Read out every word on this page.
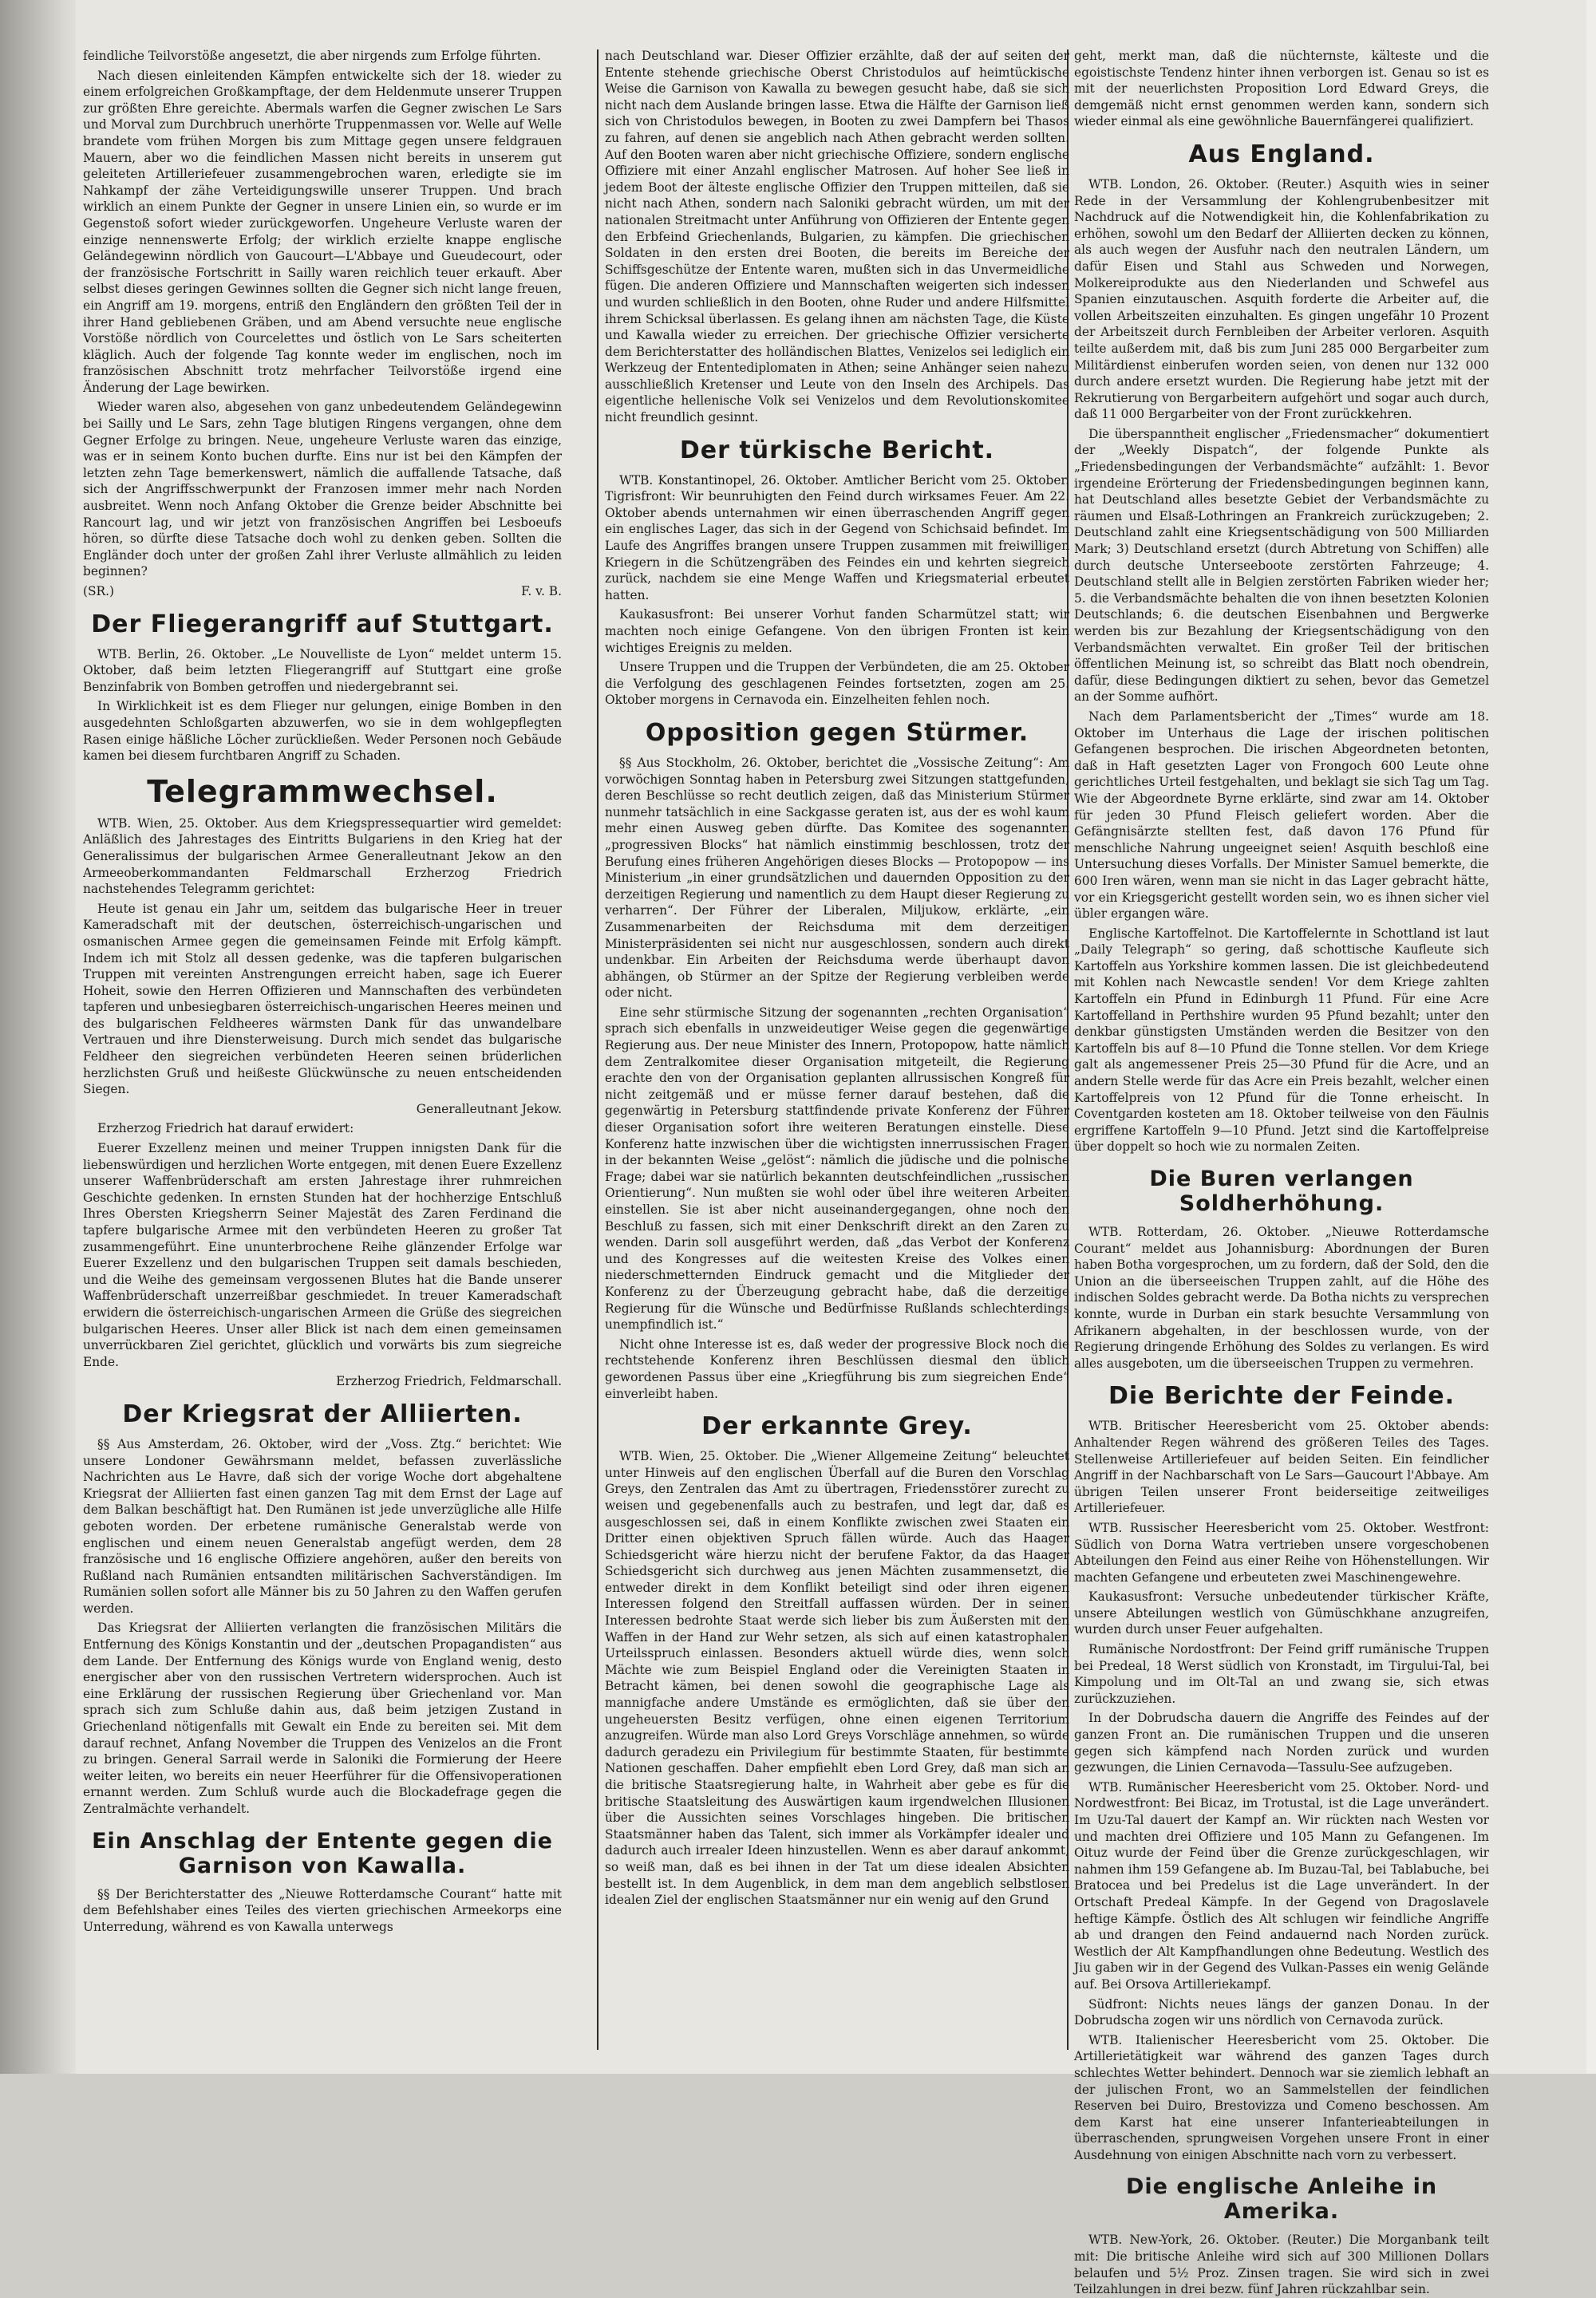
feindliche Teilvorstöße angesetzt, die aber nirgends zum Erfolge führten.

Nach diesen einleitenden Kämpfen entwickelte sich der 18. wieder zu einem erfolgreichen Großkampftage, der dem Heldenmute unserer Truppen zur größten Ehre gereichte. Abermals warfen die Gegner zwischen Le Sars und Morval zum Durchbruch unerhörte Truppenmassen vor. Welle auf Welle brandete vom frühen Morgen bis zum Mittage gegen unsere feldgrauen Mauern, aber wo die feindlichen Massen nicht bereits in unserem gut geleiteten Artilleriefeuer zusammengebrochen waren, erledigte sie im Nahkampf der zähe Verteidigungswille unserer Truppen. Und brach wirklich an einem Punkte der Gegner in unsere Linien ein, so wurde er im Gegenstoß sofort wieder zurückgeworfen. Ungeheure Verluste waren der einzige nennenswerte Erfolg; der wirklich erzielte knappe englische Geländegewinn nördlich von Gaucourt—L'Abbaye und Gueudecourt, oder der französische Fortschritt in Sailly waren reichlich teuer erkauft. Aber selbst dieses geringen Gewinnes sollten die Gegner sich nicht lange freuen, ein Angriff am 19. morgens, entriß den Engländern den größten Teil der in ihrer Hand gebliebenen Gräben, und am Abend versuchte neue englische Vorstöße nördlich von Courcelettes und östlich von Le Sars scheiterten kläglich. Auch der folgende Tag konnte weder im englischen, noch im französischen Abschnitt trotz mehrfacher Teilvorstöße irgend eine Änderung der Lage bewirken.

Wieder waren also, abgesehen von ganz unbedeutendem Geländegewinn bei Sailly und Le Sars, zehn Tage blutigen Ringens vergangen, ohne dem Gegner Erfolge zu bringen. Neue, ungeheure Verluste waren das einzige, was er in seinem Konto buchen durfte. Eins nur ist bei den Kämpfen der letzten zehn Tage bemerkenswert, nämlich die auffallende Tatsache, daß sich der Angriffsschwerpunkt der Franzosen immer mehr nach Norden ausbreitet. Wenn noch Anfang Oktober die Grenze beider Abschnitte bei Rancourt lag, und wir jetzt von französischen Angriffen bei Lesboeufs hören, so dürfte diese Tatsache doch wohl zu denken geben. Sollten die Engländer doch unter der großen Zahl ihrer Verluste allmählich zu leiden beginnen?

(SR.)	F. v. B.

Der Fliegerangriff auf Stuttgart.

WTB. Berlin, 26. Oktober. „Le Nouvelliste de Lyon“ meldet unterm 15. Oktober, daß beim letzten Fliegerangriff auf Stuttgart eine große Benzinfabrik von Bomben getroffen und niedergebrannt sei.

In Wirklichkeit ist es dem Flieger nur gelungen, einige Bomben in den ausgedehnten Schloßgarten abzuwerfen, wo sie in dem wohlgepflegten Rasen einige häßliche Löcher zurückließen. Weder Personen noch Gebäude kamen bei diesem furchtbaren Angriff zu Schaden.

Telegrammwechsel.

WTB. Wien, 25. Oktober. Aus dem Kriegspressequartier wird gemeldet: Anläßlich des Jahrestages des Eintritts Bulgariens in den Krieg hat der Generalissimus der bulgarischen Armee Generalleutnant Jekow an den Armeeoberkommandanten Feldmarschall Erzherzog Friedrich nachstehendes Telegramm gerichtet:

Heute ist genau ein Jahr um, seitdem das bulgarische Heer in treuer Kameradschaft mit der deutschen, österreichisch-ungarischen und osmanischen Armee gegen die gemeinsamen Feinde mit Erfolg kämpft. Indem ich mit Stolz all dessen gedenke, was die tapferen bulgarischen Truppen mit vereinten Anstrengungen erreicht haben, sage ich Euerer Hoheit, sowie den Herren Offizieren und Mannschaften des verbündeten tapferen und unbesiegbaren österreichisch-ungarischen Heeres meinen und des bulgarischen Feldheeres wärmsten Dank für das unwandelbare Vertrauen und ihre Diensterweisung. Durch mich sendet das bulgarische Feldheer den siegreichen verbündeten Heeren seinen brüderlichen herzlichsten Gruß und heißeste Glückwünsche zu neuen entscheidenden Siegen.

Generalleutnant Jekow.

Erzherzog Friedrich hat darauf erwidert:

Euerer Exzellenz meinen und meiner Truppen innigsten Dank für die liebenswürdigen und herzlichen Worte entgegen, mit denen Euere Exzellenz unserer Waffenbrüderschaft am ersten Jahrestage ihrer ruhmreichen Geschichte gedenken. In ernsten Stunden hat der hochherzige Entschluß Ihres Obersten Kriegsherrn Seiner Majestät des Zaren Ferdinand die tapfere bulgarische Armee mit den verbündeten Heeren zu großer Tat zusammengeführt. Eine ununterbrochene Reihe glänzender Erfolge war Euerer Exzellenz und den bulgarischen Truppen seit damals beschieden, und die Weihe des gemeinsam vergossenen Blutes hat die Bande unserer Waffenbrüderschaft unzerreißbar geschmiedet. In treuer Kameradschaft erwidern die österreichisch-ungarischen Armeen die Grüße des siegreichen bulgarischen Heeres. Unser aller Blick ist nach dem einen gemeinsamen unverrückbaren Ziel gerichtet, glücklich und vorwärts bis zum siegreiche Ende.

Erzherzog Friedrich, Feldmarschall.

Der Kriegsrat der Alliierten.

§§ Aus Amsterdam, 26. Oktober, wird der „Voss. Ztg.“ berichtet: Wie unsere Londoner Gewährsmann meldet, befassen zuverlässliche Nachrichten aus Le Havre, daß sich der vorige Woche dort abgehaltene Kriegsrat der Alliierten fast einen ganzen Tag mit dem Ernst der Lage auf dem Balkan beschäftigt hat. Den Rumänen ist jede unverzügliche alle Hilfe geboten worden. Der erbetene rumänische Generalstab werde von englischen und einem neuen Generalstab angefügt werden, dem 28 französische und 16 englische Offiziere angehören, außer den bereits von Rußland nach Rumänien entsandten militärischen Sachverständigen. Im Rumänien sollen sofort alle Männer bis zu 50 Jahren zu den Waffen gerufen werden.

Das Kriegsrat der Alliierten verlangten die französischen Militärs die Entfernung des Königs Konstantin und der „deutschen Propagandisten“ aus dem Lande. Der Entfernung des Königs wurde von England wenig, desto energischer aber von den russischen Vertretern widersprochen. Auch ist eine Erklärung der russischen Regierung über Griechenland vor. Man sprach sich zum Schluße dahin aus, daß beim jetzigen Zustand in Griechenland nötigenfalls mit Gewalt ein Ende zu bereiten sei. Mit dem darauf rechnet, Anfang November die Truppen des Venizelos an die Front zu bringen. General Sarrail werde in Saloniki die Formierung der Heere weiter leiten, wo bereits ein neuer Heerführer für die Offensivoperationen ernannt werden. Zum Schluß wurde auch die Blockadefrage gegen die Zentralmächte verhandelt.

Ein Anschlag der Entente gegen die Garnison von Kawalla.

§§ Der Berichterstatter des „Nieuwe Rotterdamsche Courant“ hatte mit dem Befehlshaber eines Teiles des vierten griechischen Armeekorps eine Unterredung, während es von Kawalla unterwegs

nach Deutschland war. Dieser Offizier erzählte, daß der auf seiten der Entente stehende griechische Oberst Christodulos auf heimtückische Weise die Garnison von Kawalla zu bewegen gesucht habe, daß sie sich nicht nach dem Auslande bringen lasse. Etwa die Hälfte der Garnison ließ sich von Christodulos bewegen, in Booten zu zwei Dampfern bei Thasos zu fahren, auf denen sie angeblich nach Athen gebracht werden sollten. Auf den Booten waren aber nicht griechische Offiziere, sondern englische Offiziere mit einer Anzahl englischer Matrosen. Auf hoher See ließ in jedem Boot der älteste englische Offizier den Truppen mitteilen, daß sie nicht nach Athen, sondern nach Saloniki gebracht würden, um mit der nationalen Streitmacht unter Anführung von Offizieren der Entente gegen den Erbfeind Griechenlands, Bulgarien, zu kämpfen. Die griechischen Soldaten in den ersten drei Booten, die bereits im Bereiche der Schiffsgeschütze der Entente waren, mußten sich in das Unvermeidliche fügen. Die anderen Offiziere und Mannschaften weigerten sich indessen und wurden schließlich in den Booten, ohne Ruder und andere Hilfsmittel ihrem Schicksal überlassen. Es gelang ihnen am nächsten Tage, die Küste und Kawalla wieder zu erreichen. Der griechische Offizier versicherte dem Berichterstatter des holländischen Blattes, Venizelos sei lediglich ein Werkzeug der Ententediplomaten in Athen; seine Anhänger seien nahezu ausschließlich Kretenser und Leute von den Inseln des Archipels. Das eigentliche hellenische Volk sei Venizelos und dem Revolutionskomitee nicht freundlich gesinnt.

Der türkische Bericht.

WTB. Konstantinopel, 26. Oktober. Amtlicher Bericht vom 25. Oktober. Tigrisfront: Wir beunruhigten den Feind durch wirksames Feuer. Am 22. Oktober abends unternahmen wir einen überraschenden Angriff gegen ein englisches Lager, das sich in der Gegend von Schichsaid befindet. Im Laufe des Angriffes brangen unsere Truppen zusammen mit freiwilligen Kriegern in die Schützengräben des Feindes ein und kehrten siegreich zurück, nachdem sie eine Menge Waffen und Kriegsmaterial erbeutet hatten.

Kaukasusfront: Bei unserer Vorhut fanden Scharmützel statt; wir machten noch einige Gefangene. Von den übrigen Fronten ist kein wichtiges Ereignis zu melden.

Unsere Truppen und die Truppen der Verbündeten, die am 25. Oktober die Verfolgung des geschlagenen Feindes fortsetzten, zogen am 25. Oktober morgens in Cernavoda ein. Einzelheiten fehlen noch.

Opposition gegen Stürmer.

§§ Aus Stockholm, 26. Oktober, berichtet die „Vossische Zeitung“: Am vorwöchigen Sonntag haben in Petersburg zwei Sitzungen stattgefunden, deren Beschlüsse so recht deutlich zeigen, daß das Ministerium Stürmer nunmehr tatsächlich in eine Sackgasse geraten ist, aus der es wohl kaum mehr einen Ausweg geben dürfte. Das Komitee des sogenannten „progressiven Blocks“ hat nämlich einstimmig beschlossen, trotz der Berufung eines früheren Angehörigen dieses Blocks — Protopopow — ins Ministerium „in einer grundsätzlichen und dauernden Opposition zu der derzeitigen Regierung und namentlich zu dem Haupt dieser Regierung zu verharren“. Der Führer der Liberalen, Miljukow, erklärte, „ein Zusammenarbeiten der Reichsduma mit dem derzeitigen Ministerpräsidenten sei nicht nur ausgeschlossen, sondern auch direkt undenkbar. Ein Arbeiten der Reichsduma werde überhaupt davon abhängen, ob Stürmer an der Spitze der Regierung verbleiben werde oder nicht.

Eine sehr stürmische Sitzung der sogenannten „rechten Organisation“ sprach sich ebenfalls in unzweideutiger Weise gegen die gegenwärtige Regierung aus. Der neue Minister des Innern, Protopopow, hatte nämlich dem Zentralkomitee dieser Organisation mitgeteilt, die Regierung erachte den von der Organisation geplanten allrussischen Kongreß für nicht zeitgemäß und er müsse ferner darauf bestehen, daß die gegenwärtig in Petersburg stattfindende private Konferenz der Führer dieser Organisation sofort ihre weiteren Beratungen einstelle. Diese Konferenz hatte inzwischen über die wichtigsten innerrussischen Fragen in der bekannten Weise „gelöst“: nämlich die jüdische und die polnische Frage; dabei war sie natürlich bekannten deutschfeindlichen „russischen Orientierung“. Nun mußten sie wohl oder übel ihre weiteren Arbeiten einstellen. Sie ist aber nicht auseinandergegangen, ohne noch den Beschluß zu fassen, sich mit einer Denkschrift direkt an den Zaren zu wenden. Darin soll ausgeführt werden, daß „das Verbot der Konferenz und des Kongresses auf die weitesten Kreise des Volkes einen niederschmetternden Eindruck gemacht und die Mitglieder der Konferenz zu der Überzeugung gebracht habe, daß die derzeitige Regierung für die Wünsche und Bedürfnisse Rußlands schlechterdings unempfindlich ist.“

Nicht ohne Interesse ist es, daß weder der progressive Block noch die rechtstehende Konferenz ihren Beschlüssen diesmal den üblich gewordenen Passus über eine „Kriegführung bis zum siegreichen Ende“ einverleibt haben.

Der erkannte Grey.

WTB. Wien, 25. Oktober. Die „Wiener Allgemeine Zeitung“ beleuchtet unter Hinweis auf den englischen Überfall auf die Buren den Vorschlag Greys, den Zentralen das Amt zu übertragen, Friedensstörer zurecht zu weisen und gegebenenfalls auch zu bestrafen, und legt dar, daß es ausgeschlossen sei, daß in einem Konflikte zwischen zwei Staaten ein Dritter einen objektiven Spruch fällen würde. Auch das Haager Schiedsgericht wäre hierzu nicht der berufene Faktor, da das Haager Schiedsgericht sich durchweg aus jenen Mächten zusammensetzt, die entweder direkt in dem Konflikt beteiligt sind oder ihren eigenen Interessen folgend den Streitfall auffassen würden. Der in seinen Interessen bedrohte Staat werde sich lieber bis zum Äußersten mit den Waffen in der Hand zur Wehr setzen, als sich auf einen katastrophalen Urteilsspruch einlassen. Besonders aktuell würde dies, wenn solch Mächte wie zum Beispiel England oder die Vereinigten Staaten in Betracht kämen, bei denen sowohl die geographische Lage als mannigfache andere Umstände es ermöglichten, daß sie über den ungeheuersten Besitz verfügen, ohne einen eigenen Territorium anzugreifen. Würde man also Lord Greys Vorschläge annehmen, so würde dadurch geradezu ein Privilegium für bestimmte Staaten, für bestimmte Nationen geschaffen. Daher empfiehlt eben Lord Grey, daß man sich an die britische Staatsregierung halte, in Wahrheit aber gebe es für die britische Staatsleitung des Auswärtigen kaum irgendwelchen Illusionen über die Aussichten seines Vorschlages hingeben. Die britischen Staatsmänner haben das Talent, sich immer als Vorkämpfer idealer und dadurch auch irrealer Ideen hinzustellen. Wenn es aber darauf ankommt, so weiß man, daß es bei ihnen in der Tat um diese idealen Absichten bestellt ist. In dem Augenblick, in dem man dem angeblich selbstlosen idealen Ziel der englischen Staatsmänner nur ein wenig auf den Grund

geht, merkt man, daß die nüchternste, kälteste und die egoistischste Tendenz hinter ihnen verborgen ist. Genau so ist es mit der neuerlichsten Proposition Lord Edward Greys, die demgemäß nicht ernst genommen werden kann, sondern sich wieder einmal als eine gewöhnliche Bauernfängerei qualifiziert.

Aus England.

WTB. London, 26. Oktober. (Reuter.) Asquith wies in seiner Rede in der Versammlung der Kohlengrubenbesitzer mit Nachdruck auf die Notwendigkeit hin, die Kohlenfabrikation zu erhöhen, sowohl um den Bedarf der Alliierten decken zu können, als auch wegen der Ausfuhr nach den neutralen Ländern, um dafür Eisen und Stahl aus Schweden und Norwegen, Molkereiprodukte aus den Niederlanden und Schwefel aus Spanien einzutauschen. Asquith forderte die Arbeiter auf, die vollen Arbeitszeiten einzuhalten. Es gingen ungefähr 10 Prozent der Arbeitszeit durch Fernbleiben der Arbeiter verloren. Asquith teilte außerdem mit, daß bis zum Juni 285 000 Bergarbeiter zum Militärdienst einberufen worden seien, von denen nur 132 000 durch andere ersetzt wurden. Die Regierung habe jetzt mit der Rekrutierung von Bergarbeitern aufgehört und sogar auch durch, daß 11 000 Bergarbeiter von der Front zurückkehren.

Die überspanntheit englischer „Friedensmacher“ dokumentiert der „Weekly Dispatch“, der folgende Punkte als „Friedensbedingungen der Verbandsmächte“ aufzählt: 1. Bevor irgendeine Erörterung der Friedensbedingungen beginnen kann, hat Deutschland alles besetzte Gebiet der Verbandsmächte zu räumen und Elsaß-Lothringen an Frankreich zurückzugeben; 2. Deutschland zahlt eine Kriegsentschädigung von 500 Milliarden Mark; 3) Deutschland ersetzt (durch Abtretung von Schiffen) alle durch deutsche Unterseeboote zerstörten Fahrzeuge; 4. Deutschland stellt alle in Belgien zerstörten Fabriken wieder her; 5. die Verbandsmächte behalten die von ihnen besetzten Kolonien Deutschlands; 6. die deutschen Eisenbahnen und Bergwerke werden bis zur Bezahlung der Kriegsentschädigung von den Verbandsmächten verwaltet. Ein großer Teil der britischen öffentlichen Meinung ist, so schreibt das Blatt noch obendrein, dafür, diese Bedingungen diktiert zu sehen, bevor das Gemetzel an der Somme aufhört.

Nach dem Parlamentsbericht der „Times“ wurde am 18. Oktober im Unterhaus die Lage der irischen politischen Gefangenen besprochen. Die irischen Abgeordneten betonten, daß in Haft gesetzten Lager von Frongoch 600 Leute ohne gerichtliches Urteil festgehalten, und beklagt sie sich Tag um Tag. Wie der Abgeordnete Byrne erklärte, sind zwar am 14. Oktober für jeden 30 Pfund Fleisch geliefert worden. Aber die Gefängnisärzte stellten fest, daß davon 176 Pfund für menschliche Nahrung ungeeignet seien! Asquith beschloß eine Untersuchung dieses Vorfalls. Der Minister Samuel bemerkte, die 600 Iren wären, wenn man sie nicht in das Lager gebracht hätte, vor ein Kriegsgericht gestellt worden sein, wo es ihnen sicher viel übler ergangen wäre.

Englische Kartoffelnot. Die Kartoffelernte in Schottland ist laut „Daily Telegraph“ so gering, daß schottische Kaufleute sich Kartoffeln aus Yorkshire kommen lassen. Die ist gleichbedeutend mit Kohlen nach Newcastle senden! Vor dem Kriege zahlten Kartoffeln ein Pfund in Edinburgh 11 Pfund. Für eine Acre Kartoffelland in Perthshire wurden 95 Pfund bezahlt; unter den denkbar günstigsten Umständen werden die Besitzer von den Kartoffeln bis auf 8—10 Pfund die Tonne stellen. Vor dem Kriege galt als angemessener Preis 25—30 Pfund für die Acre, und an andern Stelle werde für das Acre ein Preis bezahlt, welcher einen Kartoffelpreis von 12 Pfund für die Tonne erheischt. In Coventgarden kosteten am 18. Oktober teilweise von den Fäulnis ergriffene Kartoffeln 9—10 Pfund. Jetzt sind die Kartoffelpreise über doppelt so hoch wie zu normalen Zeiten.

Die Buren verlangen Soldherhöhung.

WTB. Rotterdam, 26. Oktober. „Nieuwe Rotterdamsche Courant“ meldet aus Johannisburg: Abordnungen der Buren haben Botha vorgesprochen, um zu fordern, daß der Sold, den die Union an die überseeischen Truppen zahlt, auf die Höhe des indischen Soldes gebracht werde. Da Botha nichts zu versprechen konnte, wurde in Durban ein stark besuchte Versammlung von Afrikanern abgehalten, in der beschlossen wurde, von der Regierung dringende Erhöhung des Soldes zu verlangen. Es wird alles ausgeboten, um die überseeischen Truppen zu vermehren.

Die Berichte der Feinde.

WTB. Britischer Heeresbericht vom 25. Oktober abends: Anhaltender Regen während des größeren Teiles des Tages. Stellenweise Artilleriefeuer auf beiden Seiten. Ein feindlicher Angriff in der Nachbarschaft von Le Sars—Gaucourt l'Abbaye. Am übrigen Teilen unserer Front beiderseitige zeitweiliges Artilleriefeuer.

WTB. Russischer Heeresbericht vom 25. Oktober. Westfront: Südlich von Dorna Watra vertrieben unsere vorgeschobenen Abteilungen den Feind aus einer Reihe von Höhenstellungen. Wir machten Gefangene und erbeuteten zwei Maschinengewehre.

Kaukasusfront: Versuche unbedeutender türkischer Kräfte, unsere Abteilungen westlich von Gümüschkhane anzugreifen, wurden durch unser Feuer aufgehalten.

Rumänische Nordostfront: Der Feind griff rumänische Truppen bei Predeal, 18 Werst südlich von Kronstadt, im Tirgului-Tal, bei Kimpolung und im Olt-Tal an und zwang sie, sich etwas zurückzuziehen.

In der Dobrudscha dauern die Angriffe des Feindes auf der ganzen Front an. Die rumänischen Truppen und die unseren gegen sich kämpfend nach Norden zurück und wurden gezwungen, die Linien Cernavoda—Tassulu-See aufzugeben.

WTB. Rumänischer Heeresbericht vom 25. Oktober. Nord- und Nordwestfront: Bei Bicaz, im Trotustal, ist die Lage unverändert. Im Uzu-Tal dauert der Kampf an. Wir rückten nach Westen vor und machten drei Offiziere und 105 Mann zu Gefangenen. Im Oituz wurde der Feind über die Grenze zurückgeschlagen, wir nahmen ihm 159 Gefangene ab. Im Buzau-Tal, bei Tablabuche, bei Bratocea und bei Predelus ist die Lage unverändert. In der Ortschaft Predeal Kämpfe. In der Gegend von Dragoslavele heftige Kämpfe. Östlich des Alt schlugen wir feindliche Angriffe ab und drangen den Feind andauernd nach Norden zurück. Westlich der Alt Kampfhandlungen ohne Bedeutung. Westlich des Jiu gaben wir in der Gegend des Vulkan-Passes ein wenig Gelände auf. Bei Orsova Artilleriekampf.

Südfront: Nichts neues längs der ganzen Donau. In der Dobrudscha zogen wir uns nördlich von Cernavoda zurück.

WTB. Italienischer Heeresbericht vom 25. Oktober. Die Artillerietätigkeit war während des ganzen Tages durch schlechtes Wetter behindert. Dennoch war sie ziemlich lebhaft an der julischen Front, wo an Sammelstellen der feindlichen Reserven bei Duiro, Brestovizza und Comeno beschossen. Am dem Karst hat eine unserer Infanterieabteilungen in überraschenden, sprungweisen Vorgehen unsere Front in einer Ausdehnung von einigen Abschnitte nach vorn zu verbessert.

Die englische Anleihe in Amerika.

WTB. New-York, 26. Oktober. (Reuter.) Die Morganbank teilt mit: Die britische Anleihe wird sich auf 300 Millionen Dollars belaufen und 5½ Proz. Zinsen tragen. Sie wird sich in zwei Teilzahlungen in drei bezw. fünf Jahren rückzahlbar sein.
